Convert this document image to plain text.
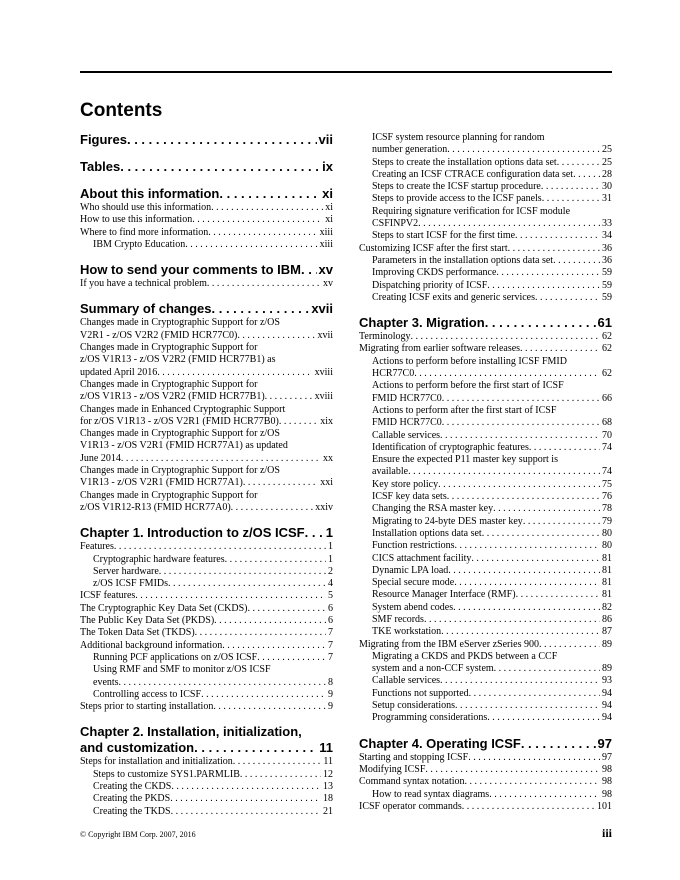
Contents
Figures . . .	vii
Tables . . .	ix
About this information . . .	xi
Who should use this information . . .	xi
How to use this information . . .	xi
Where to find more information . . .	xiii
IBM Crypto Education . . .	xiii
How to send your comments to IBM . . . xv
If you have a technical problem . . .	xv
Summary of changes . . .	xvii
Changes made in Cryptographic Support for z/OS
V2R1 - z/OS V2R2 (FMID HCR77C0) . . .	xvii
Changes made in Cryptographic Support for
z/OS V1R13 - z/OS V2R2 (FMID HCR77B1) as
updated April 2016 . . .	xviii
Changes made in Cryptographic Support for
z/OS V1R13 - z/OS V2R2 (FMID HCR77B1) . . .	xviii
Changes made in Enhanced Cryptographic Support
for z/OS V1R13 - z/OS V2R1 (FMID HCR77B0) . . .	xix
Changes made in Cryptographic Support for z/OS
V1R13 - z/OS V2R1 (FMID HCR77A1) as updated
June 2014 . . .	xx
Changes made in Cryptographic Support for z/OS
V1R13 - z/OS V2R1 (FMID HCR77A1) . . .	xxi
Changes made in Cryptographic Support for
z/OS V1R12-R13 (FMID HCR77A0) . . .	xxiv
Chapter 1. Introduction to z/OS ICSF . . . 1
Features . . .	1
Cryptographic hardware features . . .	1
Server hardware . . .	2
z/OS ICSF FMIDs . . .	4
ICSF features . . .	5
The Cryptographic Key Data Set (CKDS) . . .	6
The Public Key Data Set (PKDS) . . .	6
The Token Data Set (TKDS) . . .	7
Additional background information . . .	7
Running PCF applications on z/OS ICSF . . .	7
Using RMF and SMF to monitor z/OS ICSF
events . . .	8
Controlling access to ICSF . . .	9
Steps prior to starting installation . . .	9
Chapter 2. Installation, initialization,
and customization . . .	11
Steps for installation and initialization . . .	11
Steps to customize SYS1.PARMLIB . . .	12
Creating the CKDS . . .	13
Creating the PKDS . . .	18
Creating the TKDS . . .	21
ICSF system resource planning for random
number generation . . .	25
Steps to create the installation options data set . . .	25
Creating an ICSF CTRACE configuration data set . . .	28
Steps to create the ICSF startup procedure . . .	30
Steps to provide access to the ICSF panels . . .	31
Requiring signature verification for ICSF module
CSFINPV2 . . .	33
Steps to start ICSF for the first time . . .	34
Customizing ICSF after the first start . . .	36
Parameters in the installation options data set . . .	36
Improving CKDS performance . . .	59
Dispatching priority of ICSF . . .	59
Creating ICSF exits and generic services . . .	59
Chapter 3. Migration . . .	61
Terminology . . .	62
Migrating from earlier software releases . . .	62
Actions to perform before installing ICSF FMID
HCR77C0 . . .	62
Actions to perform before the first start of ICSF
FMID HCR77C0 . . .	66
Actions to perform after the first start of ICSF
FMID HCR77C0 . . .	68
Callable services . . .	70
Identification of cryptographic features . . .	74
Ensure the expected P11 master key support is
available . . .	74
Key store policy . . .	75
ICSF key data sets . . .	76
Changing the RSA master key . . .	78
Migrating to 24-byte DES master key . . .	79
Installation options data set . . .	80
Function restrictions . . .	80
CICS attachment facility . . .	81
Dynamic LPA load . . .	81
Special secure mode . . .	81
Resource Manager Interface (RMF) . . .	81
System abend codes . . .	82
SMF records . . .	86
TKE workstation . . .	87
Migrating from the IBM eServer zSeries 900 . . .	89
Migrating a CKDS and PKDS between a CCF
system and a non-CCF system . . .	89
Callable services . . .	93
Functions not supported . . .	94
Setup considerations . . .	94
Programming considerations . . .	94
Chapter 4. Operating ICSF . . .	97
Starting and stopping ICSF . . .	97
Modifying ICSF . . .	98
Command syntax notation . . .	98
How to read syntax diagrams . . .	98
ICSF operator commands . . .	101
© Copyright IBM Corp. 2007, 2016	iii
